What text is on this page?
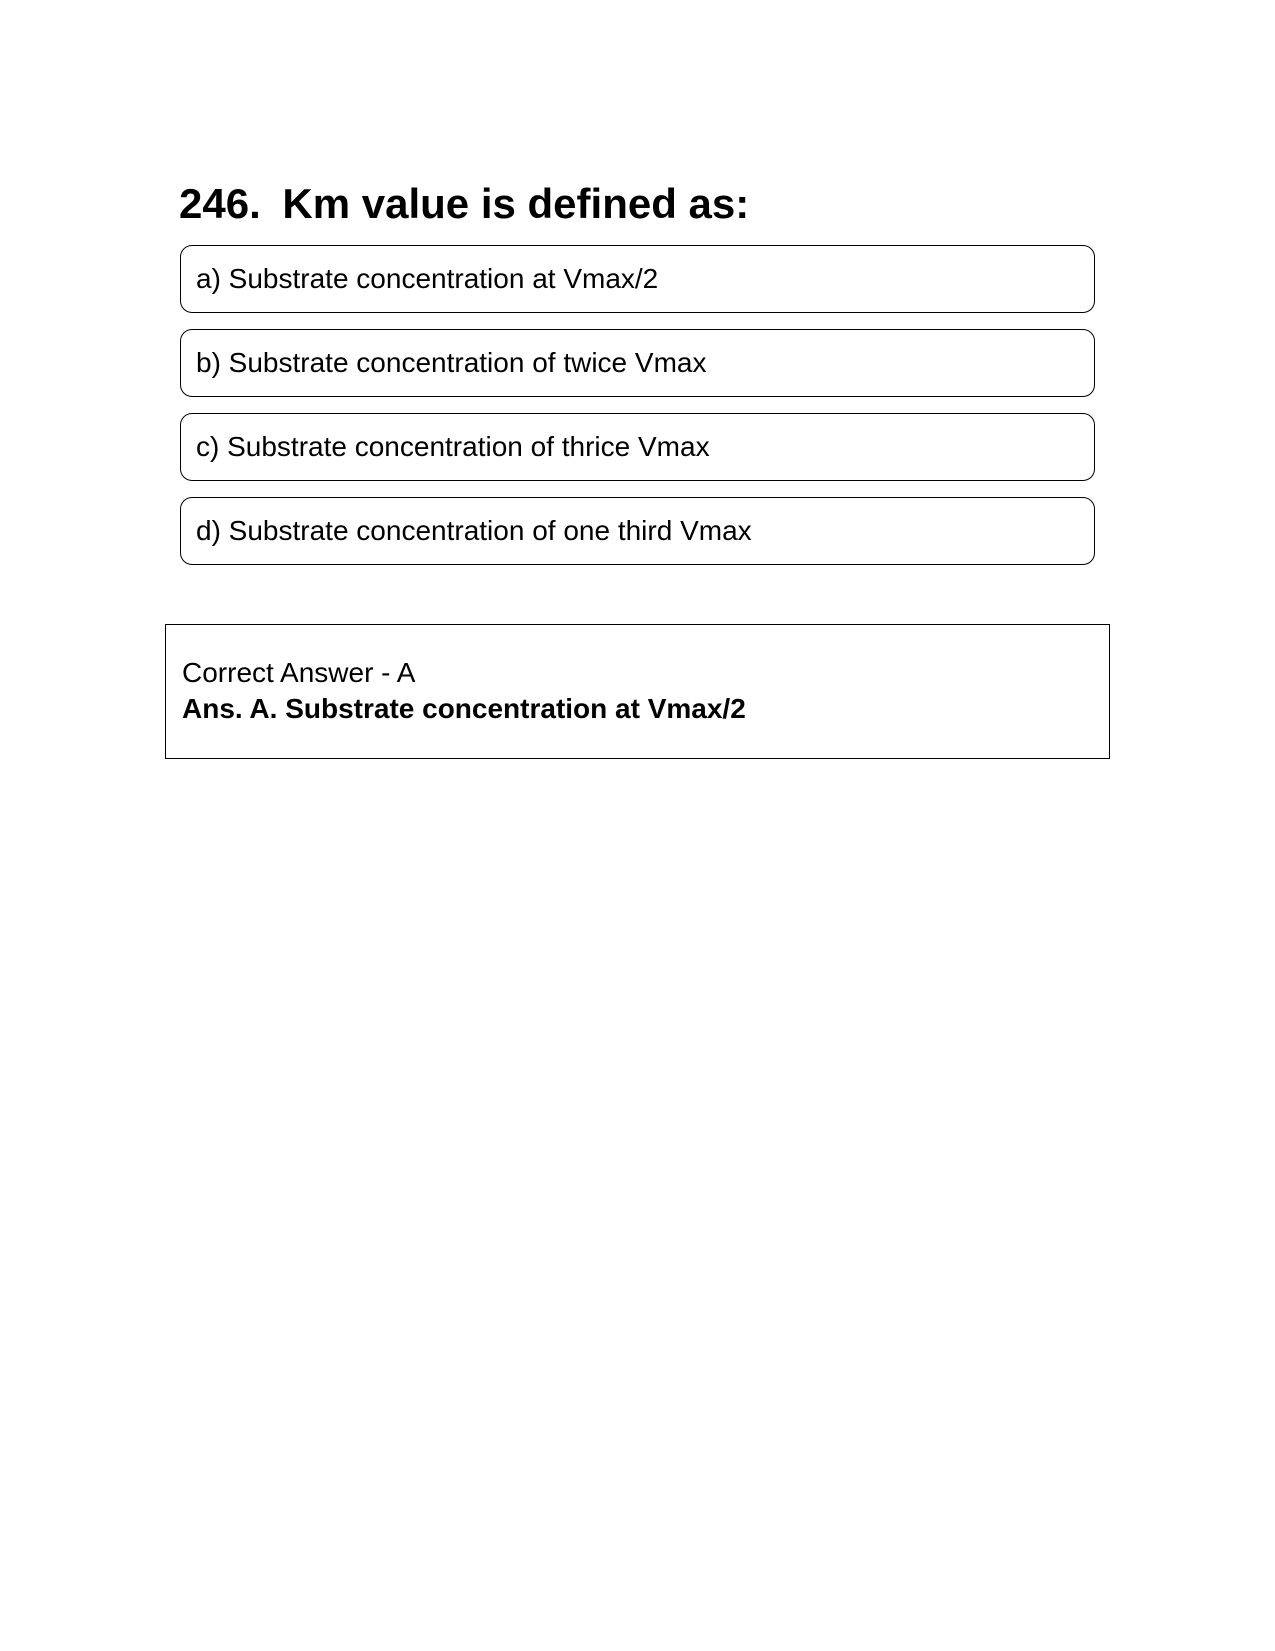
246. Km value is defined as:
a) Substrate concentration at Vmax/2
b) Substrate concentration of twice Vmax
c) Substrate concentration of thrice Vmax
d) Substrate concentration of one third Vmax
Correct Answer - A
Ans. A. Substrate concentration at Vmax/2
